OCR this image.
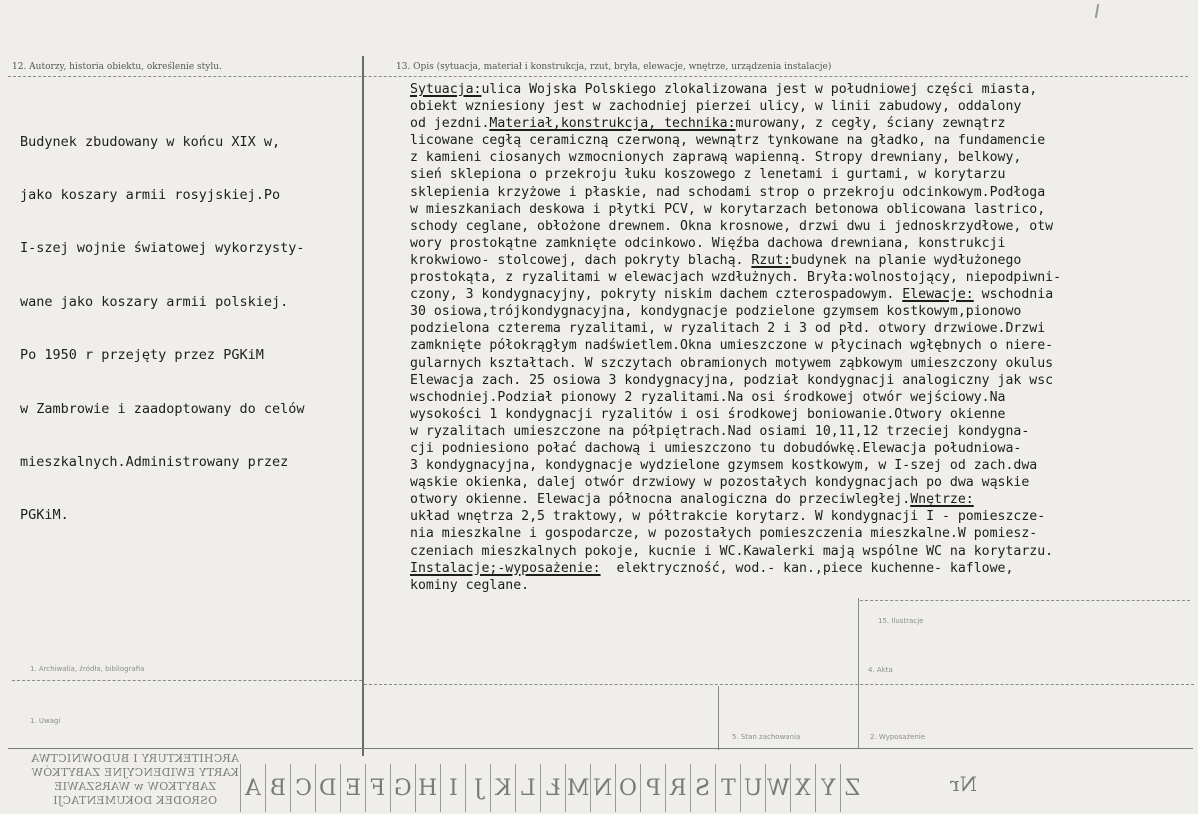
12. Autorzy, historia obiektu, określenie stylu.	13. Opis (sytuacja, materiał i konstrukcja, rzut, bryła, elewacje, wnętrze, urządzenia instalacje)

Budynek zbudowany w końcu XIX w,

jako koszary armii rosyjskiej.Po

I-szej wojnie światowej wykorzysty-

wane jako koszary armii polskiej.

Po 1950 r przejęty przez PGKiM

w Zambrowie i zaadoptowany do celów

mieszkalnych.Administrowany przez

PGKiM.

Sytuacja:ulica Wojska Polskiego zlokalizowana jest w południowej części miasta,
obiekt wzniesiony jest w zachodniej pierzei ulicy, w linii zabudowy, oddalony
od jezdni.Materiał,konstrukcja, technika:murowany, z cegły, ściany zewnątrz
licowane cegłą ceramiczną czerwoną, wewnątrz tynkowane na gładko, na fundamencie
z kamieni ciosanych wzmocnionych zaprawą wapienną. Stropy drewniany, belkowy,
sień sklepiona o przekroju łuku koszowego z lenetami i gurtami, w korytarzu
sklepienia krzyżowe i płaskie, nad schodami strop o przekroju odcinkowym.Podłoga
w mieszkaniach deskowa i płytki PCV, w korytarzach betonowa oblicowana lastrico,
schody ceglane, obłożone drewnem. Okna krosnowe, drzwi dwu i jednoskrzydłowe, otw
wory prostokątne zamknięte odcinkowo. Więźba dachowa drewniana, konstrukcji
krokwiowo- stolcowej, dach pokryty blachą. Rzut:budynek na planie wydłużonego
prostokąta, z ryzalitami w elewacjach wzdłużnych. Bryła:wolnostojący, niepodpiwni-
czony, 3 kondygnacyjny, pokryty niskim dachem czterospadowym. Elewacje: wschodnia
30 osiowa,trójkondygnacyjna, kondygnacje podzielone gzymsem kostkowym,pionowo
podzielona czterema ryzalitami, w ryzalitach 2 i 3 od płd. otwory drzwiowe.Drzwi
zamknięte półokrągłym nadświetlem.Okna umieszczone w płycinach wgłębnych o niere-
gularnych kształtach. W szczytach obramionych motywem ząbkowym umieszczony okulus
Elewacja zach. 25 osiowa 3 kondygnacyjna, podział kondygnacji analogiczny jak wsc
wschodniej.Podział pionowy 2 ryzalitami.Na osi środkowej otwór wejściowy.Na
wysokości 1 kondygnacji ryzalitów i osi środkowej boniowanie.Otwory okienne
w ryzalitach umieszczone na półpiętrach.Nad osiami 10,11,12 trzeciej kondygna-
cji podniesiono połać dachową i umieszczono tu dobudówkę.Elewacja południowa-
3 kondygnacyjna, kondygnacje wydzielone gzymsem kostkowym, w I-szej od zach.dwa
wąskie okienka, dalej otwór drzwiowy w pozostałych kondygnacjach po dwa wąskie
otwory okienne. Elewacja północna analogiczna do przeciwległej.Wnętrze:
układ wnętrza 2,5 traktowy, w półtrakcie korytarz. W kondygnacji I - pomieszcze-
nia mieszkalne i gospodarcze, w pozostałych pomieszczenia mieszkalne.W pomiesz-
czeniach mieszkalnych pokoje, kucnie i WC.Kawalerki mają wspólne WC na korytarzu.
Instalacje;-wyposażenie:  elektryczność, wod.- kan.,piece kuchenne- kaflowe,
kominy ceglane.
1. Archiwalia, źródła, bibliografia
1. Uwagi
15. Ilustracje
4. Akta
5. Stan zachowania	2. Wyposażenie
ARCHITEKTURY I BUDOWNICTWA
KARTY EWIDENCYJNE ZABYTKÓW
ZABYTKOW w WARSZAWIE
OSRODEK DOKUMENTACJI	A B C D E F G H I J K L Ł M N O P R S T U W X Y Z	Nr
